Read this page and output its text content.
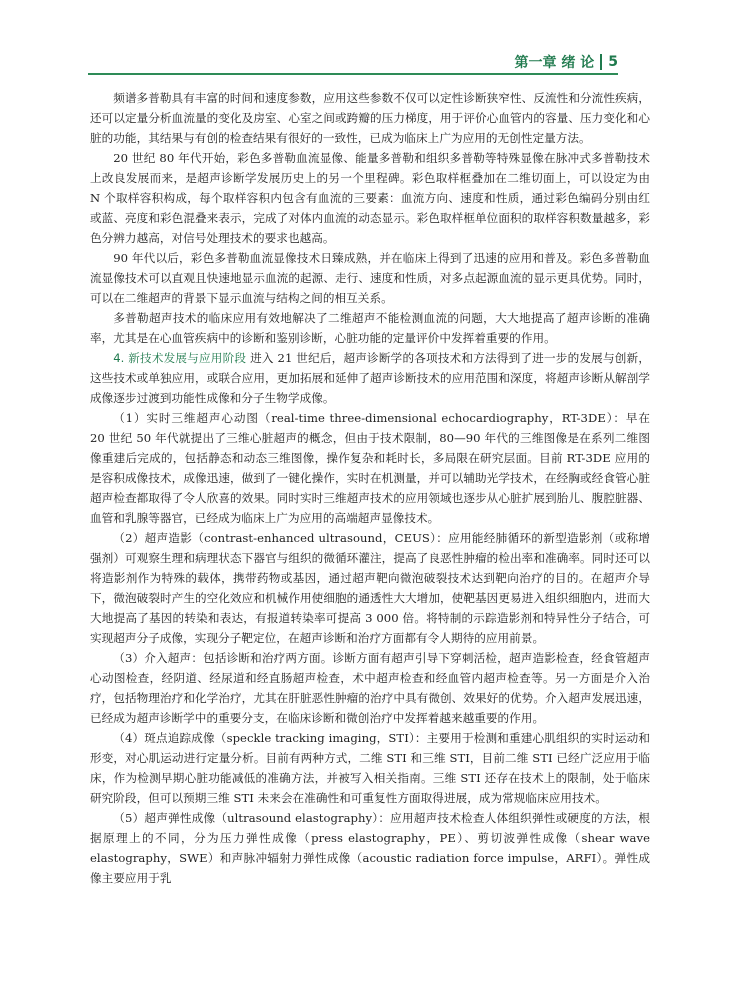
第一章 绪 论 5

频谱多普勒具有丰富的时间和速度参数，应用这些参数不仅可以定性诊断狭窄性、反流性和分流性疾病，还可以定量分析血流量的变化及房室、心室之间或跨瓣的压力梯度，用于评价心血管内的容量、压力变化和心脏的功能，其结果与有创的检查结果有很好的一致性，已成为临床上广为应用的无创性定量方法。

20 世纪 80 年代开始，彩色多普勒血流显像、能量多普勒和组织多普勒等特殊显像在脉冲式多普勒技术上改良发展而来，是超声诊断学发展历史上的另一个里程碑。彩色取样框叠加在二维切面上，可以设定为由 N 个取样容积构成，每个取样容积内包含有血流的三要素：血流方向、速度和性质，通过彩色编码分别由红或蓝、亮度和彩色混叠来表示，完成了对体内血流的动态显示。彩色取样框单位面积的取样容积数量越多，彩色分辨力越高，对信号处理技术的要求也越高。

90 年代以后，彩色多普勒血流显像技术日臻成熟，并在临床上得到了迅速的应用和普及。彩色多普勒血流显像技术可以直观且快速地显示血流的起源、走行、速度和性质，对多点起源血流的显示更具优势。同时，可以在二维超声的背景下显示血流与结构之间的相互关系。

多普勒超声技术的临床应用有效地解决了二维超声不能检测血流的问题，大大地提高了超声诊断的准确率，尤其是在心血管疾病中的诊断和鉴别诊断，心脏功能的定量评价中发挥着重要的作用。

4. 新技术发展与应用阶段 进入 21 世纪后，超声诊断学的各项技术和方法得到了进一步的发展与创新，这些技术或单独应用，或联合应用，更加拓展和延伸了超声诊断技术的应用范围和深度，将超声诊断从解剖学成像逐步过渡到功能性成像和分子生物学成像。

（1）实时三维超声心动图（real-time three-dimensional echocardiography，RT-3DE）：早在 20 世纪 50 年代就提出了三维心脏超声的概念，但由于技术限制，80—90 年代的三维图像是在系列二维图像重建后完成的，包括静态和动态三维图像，操作复杂和耗时长，多局限在研究层面。目前 RT-3DE 应用的是容积成像技术，成像迅速，做到了一键化操作，实时在机测量，并可以辅助光学技术，在经胸或经食管心脏超声检查都取得了令人欣喜的效果。同时实时三维超声技术的应用领域也逐步从心脏扩展到胎儿、腹腔脏器、血管和乳腺等器官，已经成为临床上广为应用的高端超声显像技术。

（2）超声造影（contrast-enhanced ultrasound，CEUS）：应用能经肺循环的新型造影剂（或称增强剂）可观察生理和病理状态下器官与组织的微循环灌注，提高了良恶性肿瘤的检出率和准确率。同时还可以将造影剂作为特殊的载体，携带药物或基因，通过超声靶向微泡破裂技术达到靶向治疗的目的。在超声介导下，微泡破裂时产生的空化效应和机械作用使细胞的通透性大大增加，使靶基因更易进入组织细胞内，进而大大地提高了基因的转染和表达，有报道转染率可提高 3 000 倍。将特制的示踪造影剂和特异性分子结合，可实现超声分子成像，实现分子靶定位，在超声诊断和治疗方面都有令人期待的应用前景。

（3）介入超声：包括诊断和治疗两方面。诊断方面有超声引导下穿刺活检，超声造影检查，经食管超声心动图检查，经阴道、经尿道和经直肠超声检查，术中超声检查和经血管内超声检查等。另一方面是介入治疗，包括物理治疗和化学治疗，尤其在肝脏恶性肿瘤的治疗中具有微创、效果好的优势。介入超声发展迅速，已经成为超声诊断学中的重要分支，在临床诊断和微创治疗中发挥着越来越重要的作用。

（4）斑点追踪成像（speckle tracking imaging，STI）：主要用于检测和重建心肌组织的实时运动和形变，对心肌运动进行定量分析。目前有两种方式，二维 STI 和三维 STI，目前二维 STI 已经广泛应用于临床，作为检测早期心脏功能减低的准确方法，并被写入相关指南。三维 STI 还存在技术上的限制，处于临床研究阶段，但可以预期三维 STI 未来会在准确性和可重复性方面取得进展，成为常规临床应用技术。

（5）超声弹性成像（ultrasound elastography）：应用超声技术检查人体组织弹性或硬度的方法，根据原理上的不同，分为压力弹性成像（press elastography，PE）、剪切波弹性成像（shear wave elastography，SWE）和声脉冲辐射力弹性成像（acoustic radiation force impulse，ARFI）。弹性成像主要应用于乳
